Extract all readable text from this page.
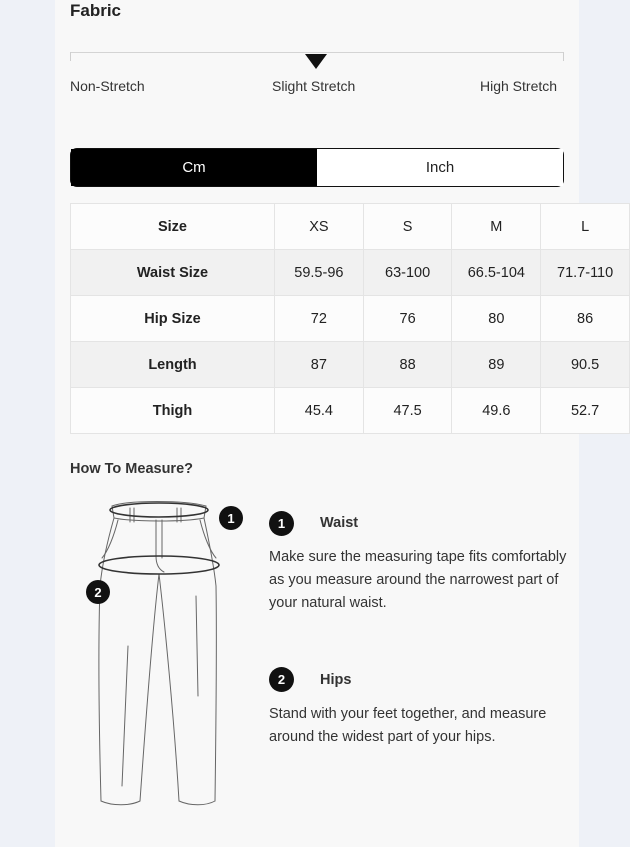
Fabric
Non-Stretch	Slight Stretch	High Stretch
Cm	Inch
Size	XS	S	M	L
Waist Size	59.5-96	63-100	66.5-104	71.7-110
Hip Size	72	76	80	86
Length	87	88	89	90.5
Thigh	45.4	47.5	49.6	52.7
How To Measure?
1
2
1	Waist
Make sure the measuring tape fits comfortably as you measure around the narrowest part of your natural waist.
2	Hips
Stand with your feet together, and measure around the widest part of your hips.
